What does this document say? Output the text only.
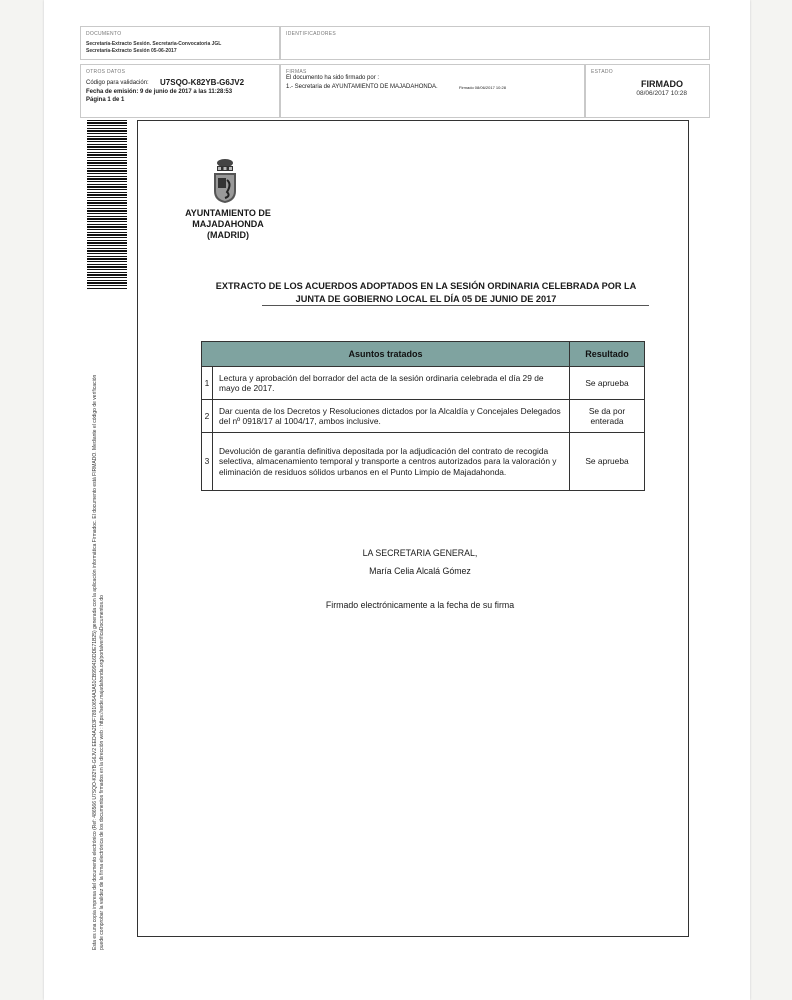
DOCUMENTO
Secretaría-Extracto Sesión. Secretaria-Convocatoria JGL
Secretaría-Extracto Sesión 05-06-2017
IDENTIFICADORES
OTROS DATOS
Código para validación: U7SQO-K82YB-G6JV2
Fecha de emisión: 9 de junio de 2017 a las 11:28:53
Página 1 de 1
FIRMAS
El documento ha sido firmado por :
1.- Secretaria de AYUNTAMIENTO DE MAJADAHONDA.	Firmado 08/06/2017 10:28
ESTADO
FIRMADO
08/06/2017 10:28
Esta es una copia impresa del documento electrónico (Ref: 486566 U7SQO-K82YB-G6JV2 EED4A2D3F78910654A3A51CB999416DDE71B25) generada con la aplicación informática Firmadoc. El documento está FIRMADO. Mediante el código de verificación puede comprobar la validez de la firma electrónica de los documentos firmados en la dirección web : https://sede.majadahonda.org/portalverificaDocumentos.do
AYUNTAMIENTO DE
MAJADAHONDA
(MADRID)
EXTRACTO DE LOS ACUERDOS ADOPTADOS EN LA SESIÓN ORDINARIA CELEBRADA POR LA
JUNTA DE GOBIERNO LOCAL EL DÍA 05 DE JUNIO DE 2017
Asuntos tratados		Resultado
1	Lectura y aprobación del borrador del acta de la sesión ordinaria celebrada el día 29 de mayo de 2017.	Se aprueba
2	Dar cuenta de los Decretos y Resoluciones dictados por la Alcaldía y Concejales Delegados del nº 0918/17 al 1004/17, ambos inclusive.	Se da por enterada
3	Devolución de garantía definitiva depositada por la adjudicación del contrato de recogida selectiva, almacenamiento temporal y transporte a centros autorizados para la valoración y eliminación de residuos sólidos urbanos en el Punto Limpio de Majadahonda.	Se aprueba
LA SECRETARIA GENERAL,
María Celia Alcalá Gómez
Firmado electrónicamente a la fecha de su firma
